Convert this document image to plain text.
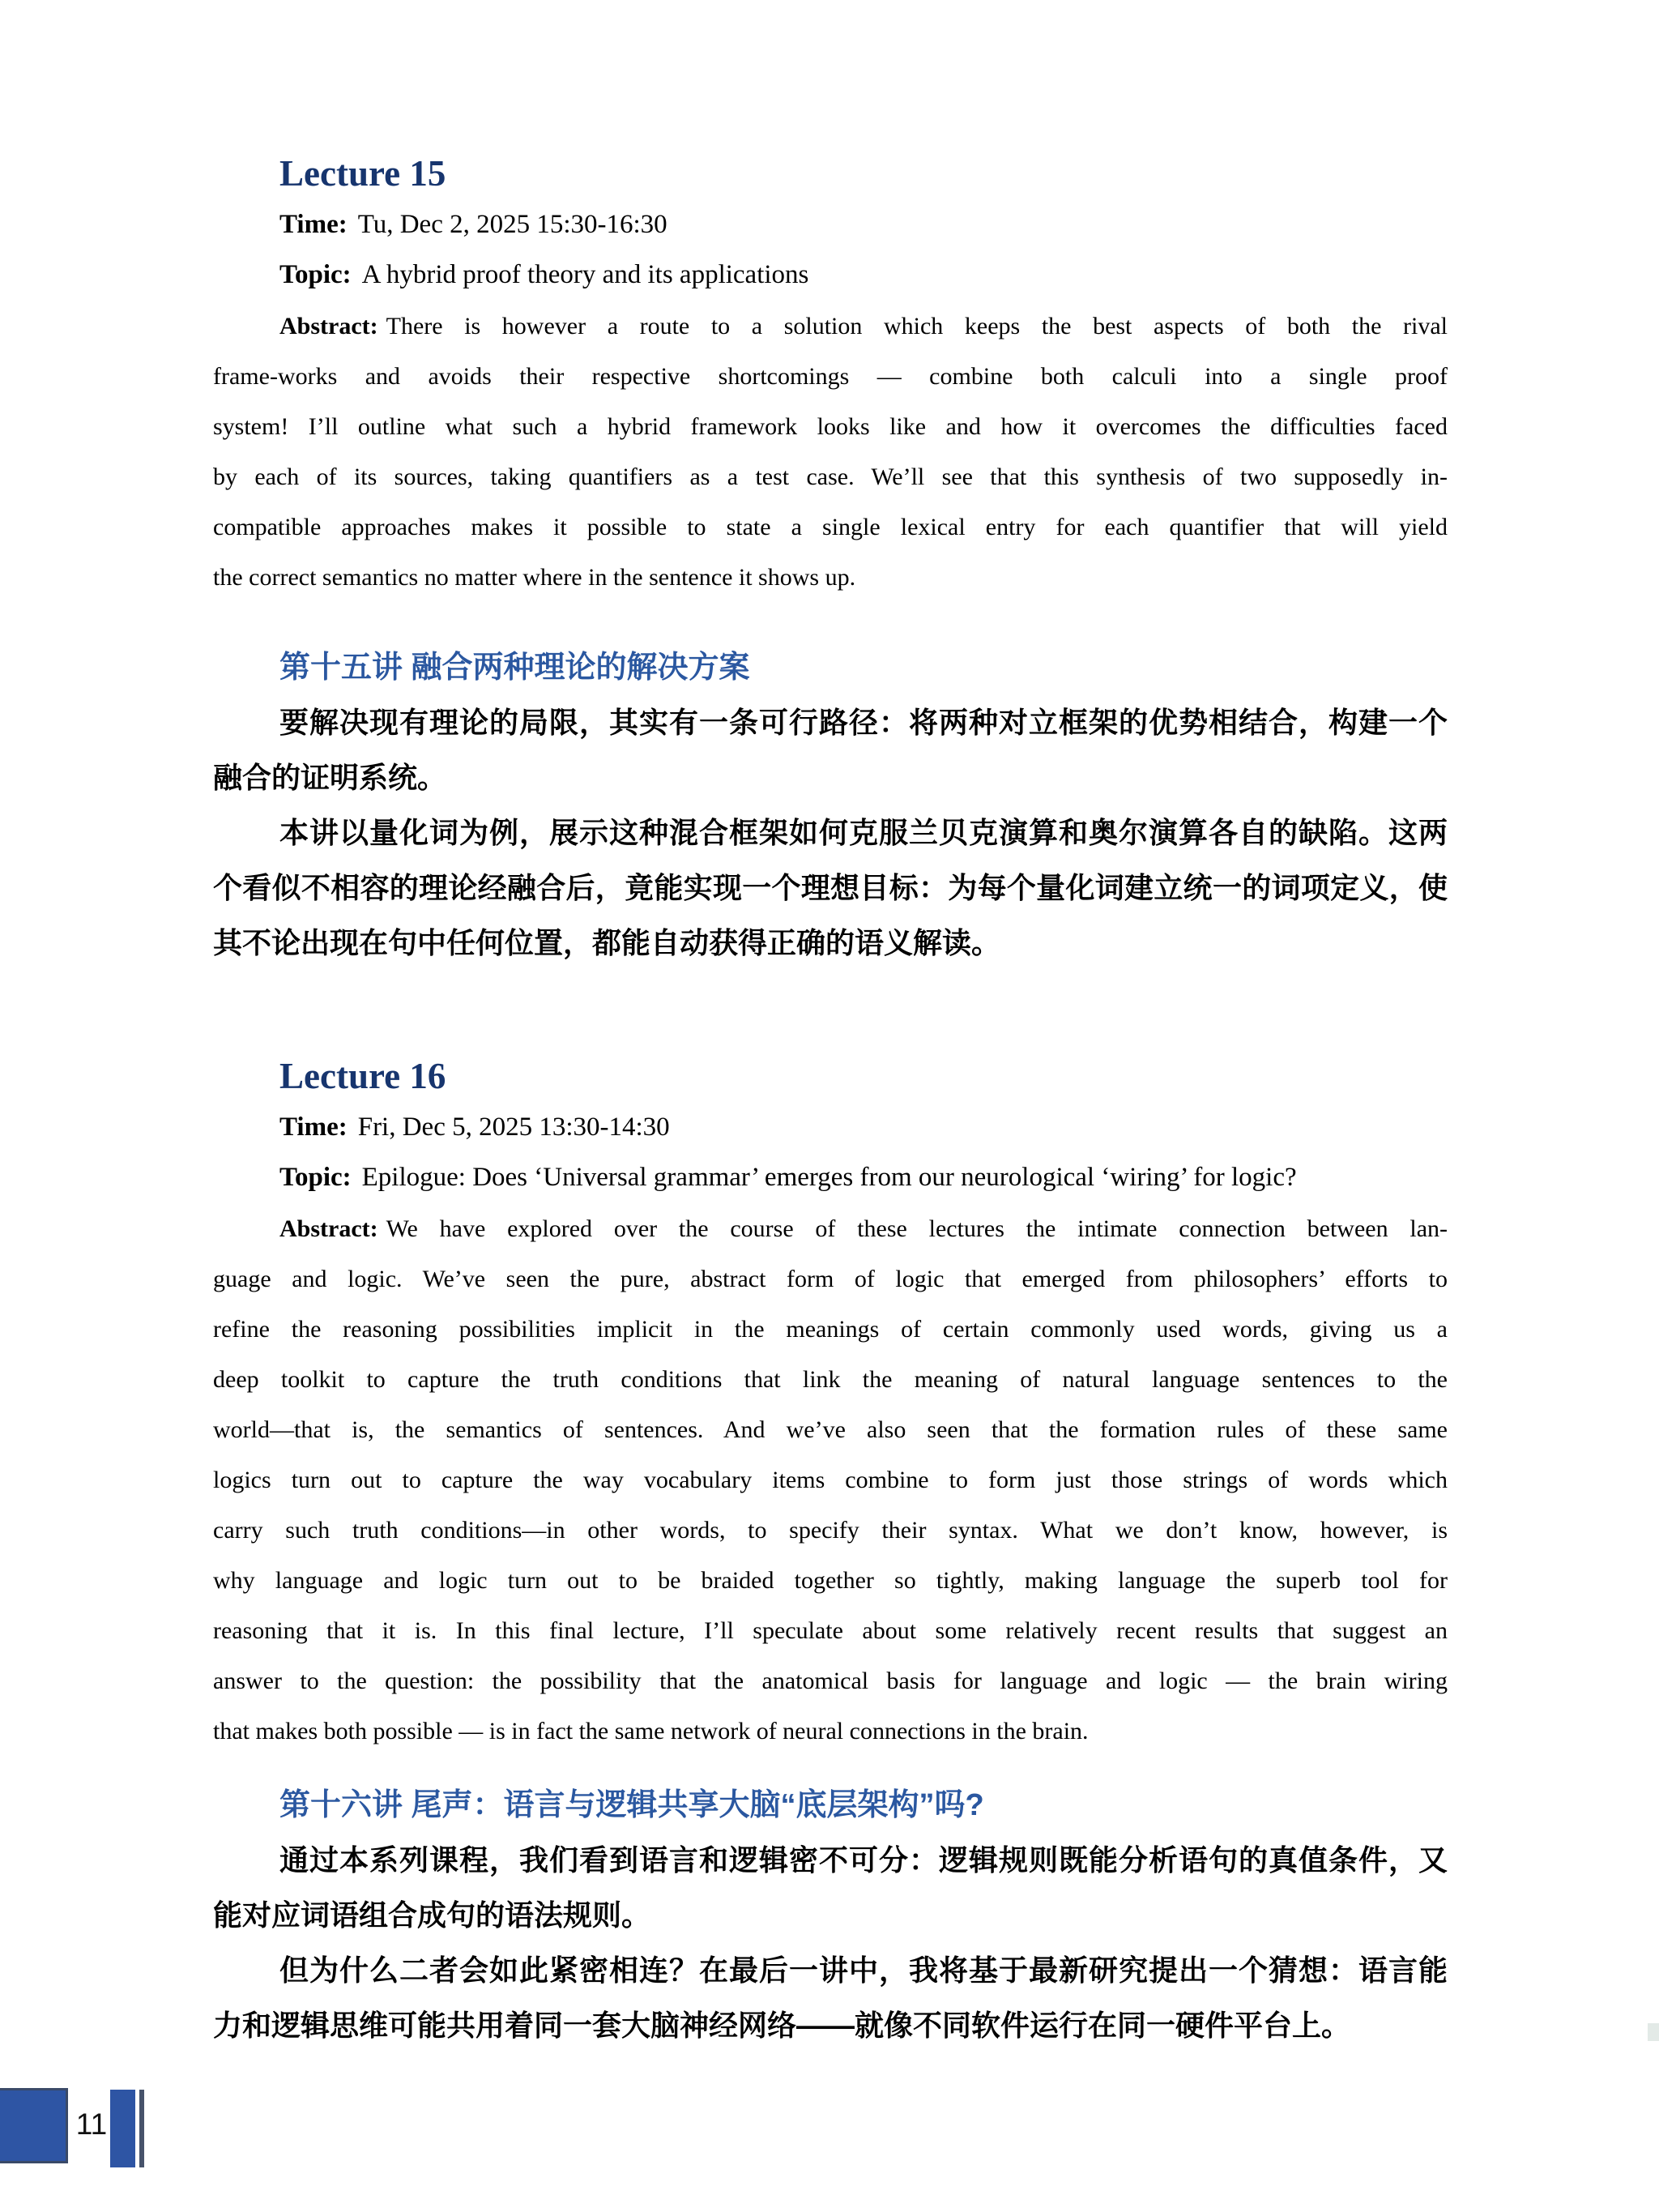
Lecture 15
Time: Tu, Dec 2, 2025 15:30-16:30
Topic: A hybrid proof theory and its applications
Abstract: There is however a route to a solution which keeps the best aspects of both the rival
frame-works and avoids their respective shortcomings — combine both calculi into a single proof
system! I’ll outline what such a hybrid framework looks like and how it overcomes the difficulties faced
by each of its sources, taking quantifiers as a test case. We’ll see that this synthesis of two supposedly in-
compatible approaches makes it possible to state a single lexical entry for each quantifier that will yield
the correct semantics no matter where in the sentence it shows up.
第十五讲 融合两种理论的解决方案
要解决现有理论的局限，其实有一条可行路径：将两种对立框架的优势相结合，构建一个
融合的证明系统。
本讲以量化词为例，展示这种混合框架如何克服兰贝克演算和奥尔演算各自的缺陷。这两
个看似不相容的理论经融合后，竟能实现一个理想目标：为每个量化词建立统一的词项定义，使
其不论出现在句中任何位置，都能自动获得正确的语义解读。
Lecture 16
Time: Fri, Dec 5, 2025 13:30-14:30
Topic: Epilogue: Does ‘Universal grammar’ emerges from our neurological ‘wiring’ for logic?
Abstract: We have explored over the course of these lectures the intimate connection between lan-
guage and logic. We’ve seen the pure, abstract form of logic that emerged from philosophers’ efforts to
refine the reasoning possibilities implicit in the meanings of certain commonly used words, giving us a
deep toolkit to capture the truth conditions that link the meaning of natural language sentences to the
world—that is, the semantics of sentences. And we’ve also seen that the formation rules of these same
logics turn out to capture the way vocabulary items combine to form just those strings of words which
carry such truth conditions—in other words, to specify their syntax. What we don’t know, however, is
why language and logic turn out to be braided together so tightly, making language the superb tool for
reasoning that it is. In this final lecture, I’ll speculate about some relatively recent results that suggest an
answer to the question: the possibility that the anatomical basis for language and logic — the brain wiring
that makes both possible — is in fact the same network of neural connections in the brain.
第十六讲 尾声：语言与逻辑共享大脑“底层架构”吗?
通过本系列课程，我们看到语言和逻辑密不可分：逻辑规则既能分析语句的真值条件，又
能对应词语组合成句的语法规则。
但为什么二者会如此紧密相连？在最后一讲中，我将基于最新研究提出一个猜想：语言能
力和逻辑思维可能共用着同一套大脑神经网络——就像不同软件运行在同一硬件平台上。
11
